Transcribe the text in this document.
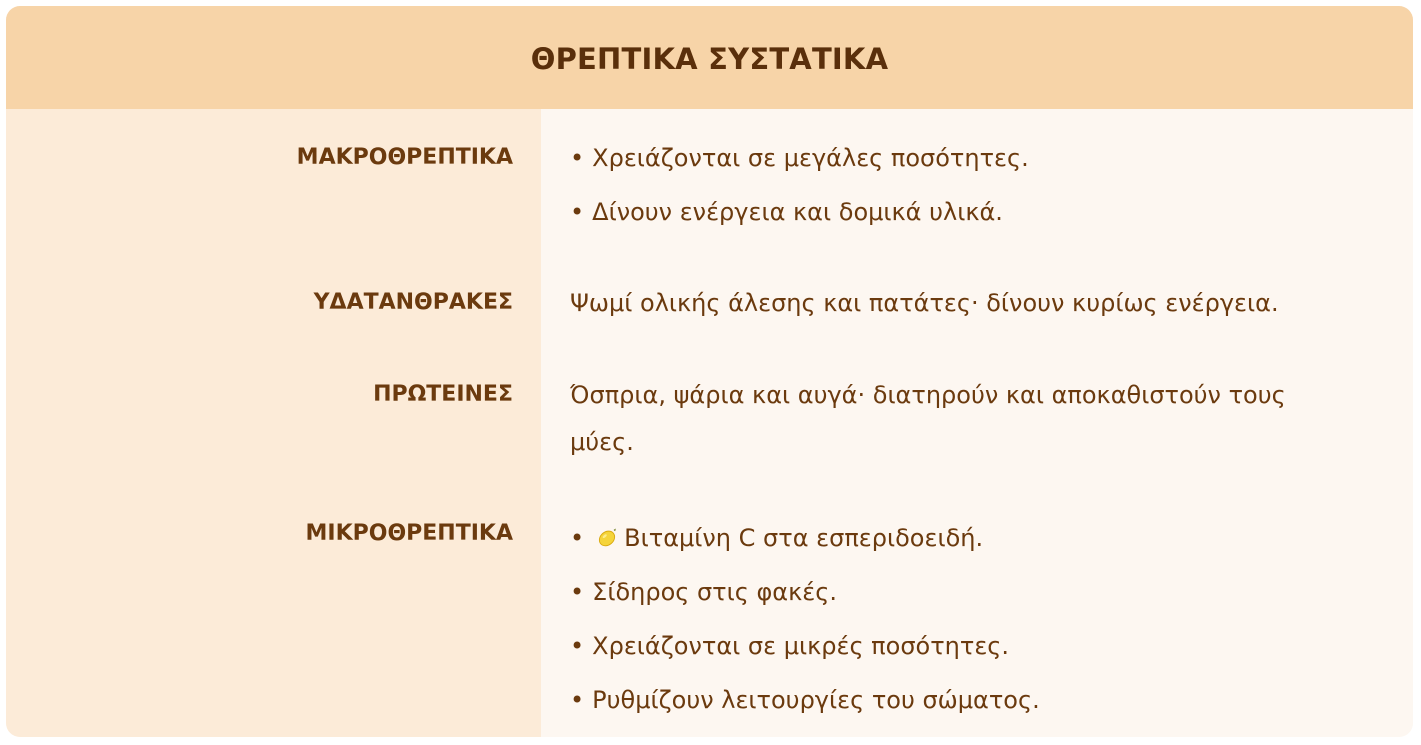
ΘΡΕΠΤΙΚΑ ΣΥΣΤΑΤΙΚΑ
ΜΑΚΡΟΘΡΕΠΤΙΚΑ
ΥΔΑΤΑΝΘΡΑΚΕΣ
ΠΡΩΤΕΙΝΕΣ
ΜΙΚΡΟΘΡΕΠΤΙΚΑ
• Χρειάζονται σε μεγάλες ποσότητες.
• Δίνουν ενέργεια και δομικά υλικά.
Ψωμί ολικής άλεσης και πατάτες· δίνουν κυρίως ενέργεια.
Όσπρια, ψάρια και αυγά· διατηρούν και αποκαθιστούν τους μύες.
• Βιταμίνη C στα εσπεριδοειδή.
• Σίδηρος στις φακές.
• Χρειάζονται σε μικρές ποσότητες.
• Ρυθμίζουν λειτουργίες του σώματος.
